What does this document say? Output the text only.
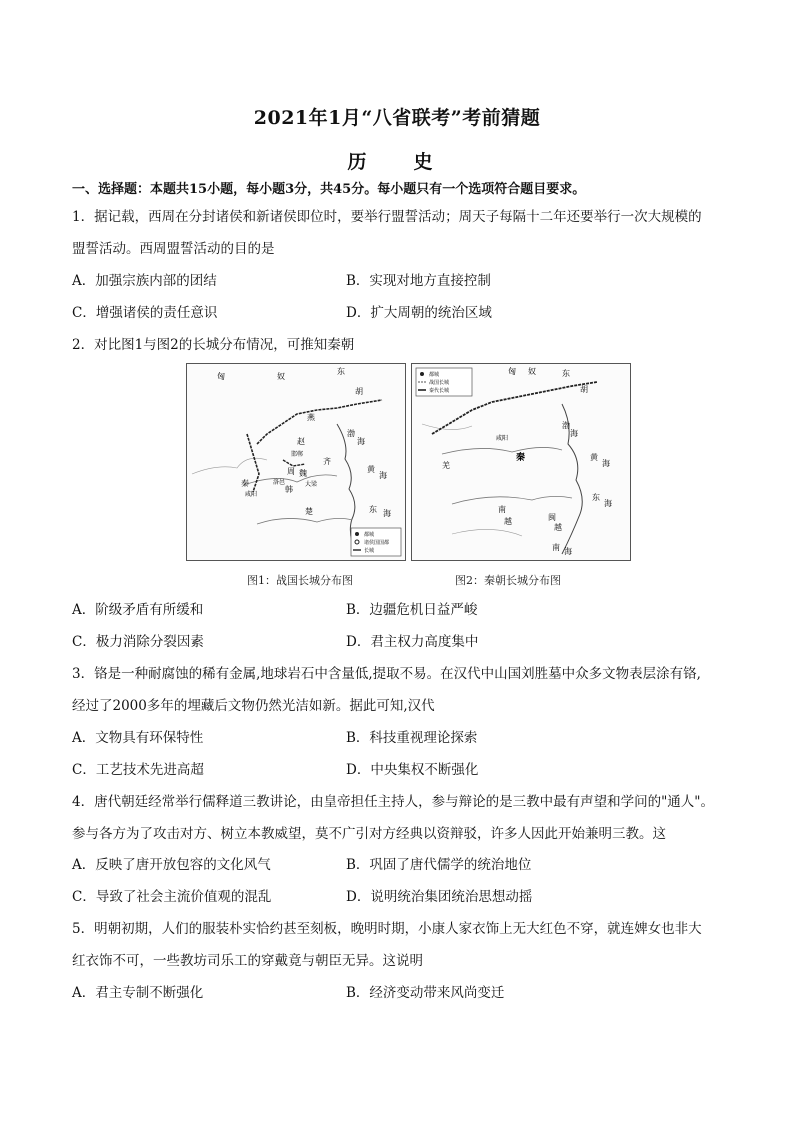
2021年1月“八省联考”考前猜题
历　史
一、选择题：本题共15小题，每小题3分，共45分。每小题只有一个选项符合题目要求。
1．据记载，西周在分封诸侯和新诸侯即位时，要举行盟誓活动；周天子每隔十二年还要举行一次大规模的
盟誓活动。西周盟誓活动的目的是
A．加强宗族内部的团结	B．实现对地方直接控制
C．增强诸侯的责任意识	D．扩大周朝的统治区域
2．对比图1与图2的长城分布情况，可推知秦朝
都城
诸侯国国都
长城
匈	奴
东
胡
燕
赵
邯郸
齐
魏
大梁
秦
咸阳
韩
周
洛邑
楚
渤
海
黄
海
东 海
都城
战国长城
秦代长城
匈 奴	东
胡
咸阳
秦
羌
南
越	闽
越
渤
海
黄
海
东
海
南 海
图1：战国长城分布图	图2：秦朝长城分布图
A．阶级矛盾有所缓和	B．边疆危机日益严峻
C．极力消除分裂因素	D．君主权力高度集中
3．铬是一种耐腐蚀的稀有金属,地球岩石中含量低,提取不易。在汉代中山国刘胜墓中众多文物表层涂有铬,
经过了2000多年的埋藏后文物仍然光洁如新。据此可知,汉代
A．文物具有环保特性	B．科技重视理论探索
C．工艺技术先进高超	D．中央集权不断强化
4．唐代朝廷经常举行儒释道三教讲论，由皇帝担任主持人，参与辩论的是三教中最有声望和学问的"通人"。
参与各方为了攻击对方、树立本教威望，莫不广引对方经典以资辩驳，许多人因此开始兼明三教。这
A．反映了唐开放包容的文化风气	B．巩固了唐代儒学的统治地位
C．导致了社会主流价值观的混乱	D．说明统治集团统治思想动摇
5．明朝初期，人们的服装朴实恰约甚至刻板，晚明时期，小康人家衣饰上无大红色不穿，就连婢女也非大
红衣饰不可，一些教坊司乐工的穿戴竟与朝臣无异。这说明
A．君主专制不断强化	B．经济变动带来风尚变迁
